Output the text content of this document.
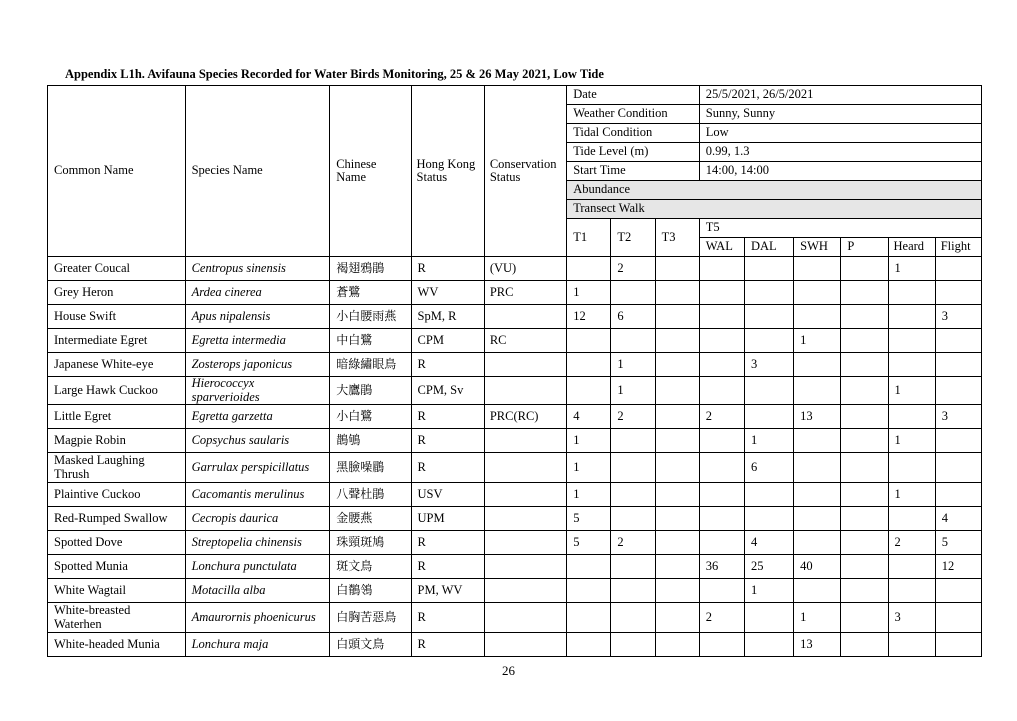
Appendix L1h. Avifauna Species Recorded for Water Birds Monitoring, 25 & 26 May 2021, Low Tide
Common Name	Species Name	Chinese Name	Hong Kong Status	Conservation Status	Date			25/5/2021, 26/5/2021					
					Weather Condition			Sunny, Sunny					
					Tidal Condition			Low					
					Tide Level (m)			0.99, 1.3					
					Start Time			14:00, 14:00					
					Abundance								
					Transect Walk								
					T1	T2	T3	T5					
								WAL	DAL	SWH	P	Heard	Flight
Greater Coucal	Centropus sinensis	褐翅鴉鵑	R	(VU)		2						1	
Grey Heron	Ardea cinerea	蒼鷺	WV	PRC	1								
House Swift	Apus nipalensis	小白腰雨燕	SpM, R		12	6							3
Intermediate Egret	Egretta intermedia	中白鷺	CPM	RC						1			
Japanese White-eye	Zosterops japonicus	暗綠繡眼鳥	R			1			3				
Large Hawk Cuckoo	Hierococcyx sparverioides	大鷹鵑	CPM, Sv			1						1	
Little Egret	Egretta garzetta	小白鷺	R	PRC(RC)	4	2		2		13			3
Magpie Robin	Copsychus saularis	鵲鴝	R		1				1			1	
Masked Laughing Thrush	Garrulax perspicillatus	黑臉噪鶥	R		1				6				
Plaintive Cuckoo	Cacomantis merulinus	八聲杜鵑	USV		1							1	
Red-Rumped Swallow	Cecropis daurica	金腰燕	UPM		5								4
Spotted Dove	Streptopelia chinensis	珠頸斑鳩	R		5	2			4			2	5
Spotted Munia	Lonchura punctulata	斑文鳥	R					36	25	40			12
White Wagtail	Motacilla alba	白鶺鴒	PM, WV						1				
White-breasted Waterhen	Amaurornis phoenicurus	白胸苦惡鳥	R					2		1		3	
White-headed Munia	Lonchura maja	白頭文鳥	R							13			
26
